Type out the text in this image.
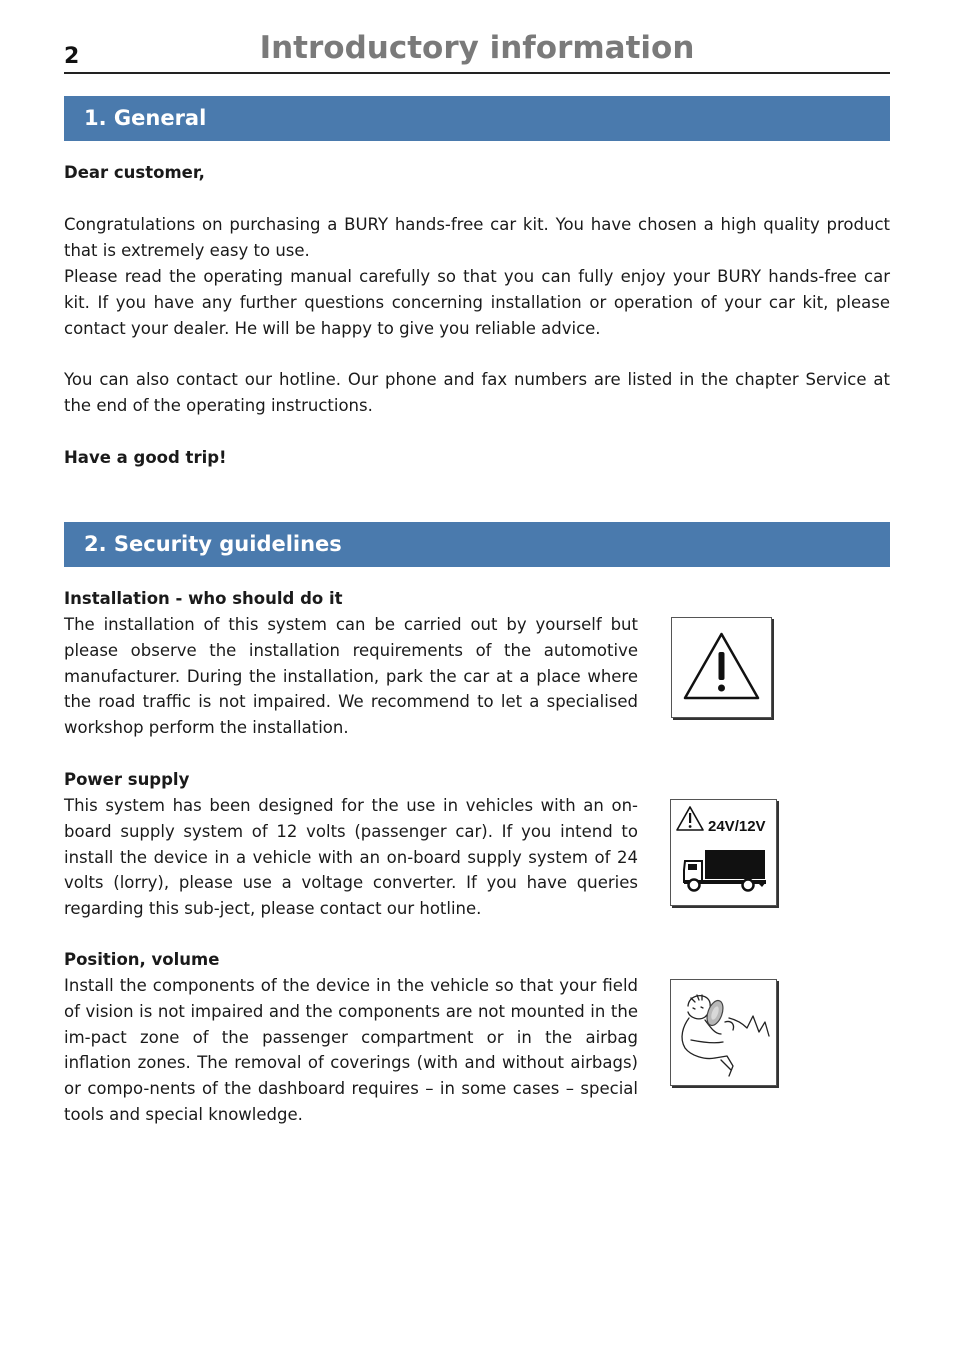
2	Introductory information
1. General

Dear customer,

Congratulations on purchasing a BURY hands-free car kit. You have chosen a high quality product that is extremely easy to use.

Please read the operating manual carefully so that you can fully enjoy your BURY hands-free car kit. If you have any further questions concerning installation or operation of your car kit, please contact your dealer. He will be happy to give you reliable advice.

You can also contact our hotline. Our phone and fax numbers are listed in the chapter Service at the end of the operating instructions.

Have a good trip!

2. Security guidelines

Installation - who should do it

The installation of this system can be carried out by yourself but please observe the installation requirements of the automotive manufacturer. During the installation, park the car at a place where the road traffic is not impaired. We recommend to let a specialised workshop perform the installation.

Power supply

This system has been designed for the use in vehicles with an on-board supply system of 12 volts (passenger car). If you intend to install the device in a vehicle with an on-board supply system of 24 volts (lorry), please use a voltage converter. If you have queries regarding this sub-ject, please contact our hotline.

24V/12V

Position, volume

Install the components of the device in the vehicle so that your field of vision is not impaired and the components are not mounted in the im-pact zone of the passenger compartment or in the airbag inflation zones. The removal of coverings (with and without airbags) or compo-nents of the dashboard requires – in some cases – special tools and special knowledge.
